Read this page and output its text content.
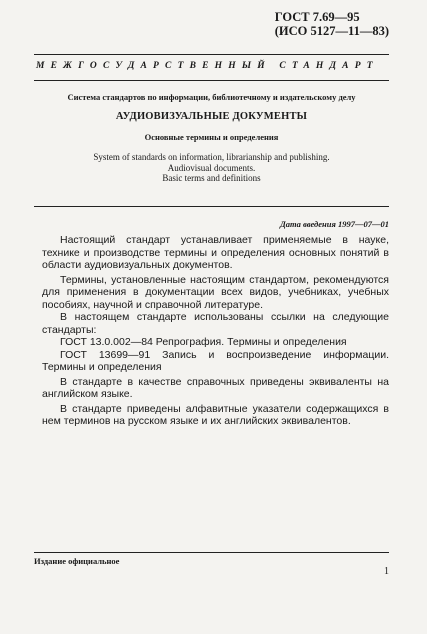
ГОСТ 7.69—95
(ИСО 5127—11—83)
МЕЖГОСУДАРСТВЕННЫЙ СТАНДАРТ
Система стандартов по информации, библиотечному и издательскому делу
АУДИОВИЗУАЛЬНЫЕ ДОКУМЕНТЫ
Основные термины и определения
System of standards on information, librarianship and publishing.
Audiovisual documents.
Basic terms and definitions
Дата введения 1997—07—01

Настоящий стандарт устанавливает применяемые в науке, технике и производстве термины и определения основных понятий в области аудиовизуальных документов.

Термины, установленные настоящим стандартом, рекомендуются для применения в документации всех видов, учебниках, учебных пособиях, научной и справочной литературе.

В настоящем стандарте использованы ссылки на следующие стандарты:

ГОСТ 13.0.002—84 Репрография. Термины и определения

ГОСТ 13699—91 Запись и воспроизведение информации. Термины и определения

В стандарте в качестве справочных приведены эквиваленты на английском языке.

В стандарте приведены алфавитные указатели содержащихся в нем терминов на русском языке и их английских эквивалентов.

Издание официальное
1
